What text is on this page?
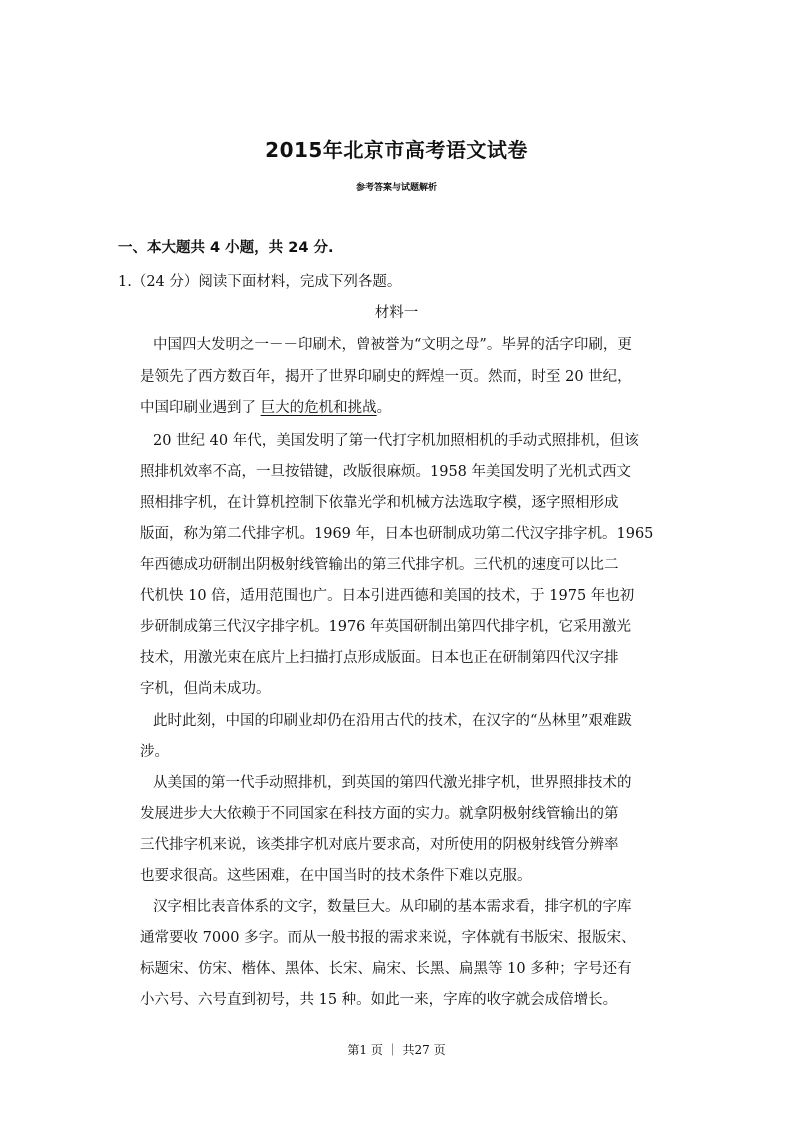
2015年北京市高考语文试卷
参考答案与试题解析
一、本大题共 4 小题，共 24 分.
1.（24 分）阅读下面材料，完成下列各题。
材料一
中国四大发明之一－－印刷术，曾被誉为“文明之母”。毕昇的活字印刷，更
是领先了西方数百年，揭开了世界印刷史的辉煌一页。然而，时至 20 世纪，
中国印刷业遇到了 巨大的危机和挑战。
20 世纪 40 年代，美国发明了第一代打字机加照相机的手动式照排机，但该
照排机效率不高，一旦按错键，改版很麻烦。1958 年美国发明了光机式西文
照相排字机，在计算机控制下依靠光学和机械方法选取字模，逐字照相形成
版面，称为第二代排字机。1969 年，日本也研制成功第二代汉字排字机。1965
年西德成功研制出阴极射线管输出的第三代排字机。三代机的速度可以比二
代机快 10 倍，适用范围也广。日本引进西德和美国的技术，于 1975 年也初
步研制成第三代汉字排字机。1976 年英国研制出第四代排字机，它采用激光
技术，用激光束在底片上扫描打点形成版面。日本也正在研制第四代汉字排
字机，但尚未成功。
此时此刻，中国的印刷业却仍在沿用古代的技术，在汉字的“丛林里”艰难跋
涉。
从美国的第一代手动照排机，到英国的第四代激光排字机，世界照排技术的
发展进步大大依赖于不同国家在科技方面的实力。就拿阴极射线管输出的第
三代排字机来说，该类排字机对底片要求高，对所使用的阴极射线管分辨率
也要求很高。这些困难，在中国当时的技术条件下难以克服。
汉字相比表音体系的文字，数量巨大。从印刷的基本需求看，排字机的字库
通常要收 7000 多字。而从一般书报的需求来说，字体就有书版宋、报版宋、
标题宋、仿宋、楷体、黑体、长宋、扁宋、长黑、扁黑等 10 多种；字号还有
小六号、六号直到初号，共 15 种。如此一来，字库的收字就会成倍增长。
第1 页 ｜ 共27 页
